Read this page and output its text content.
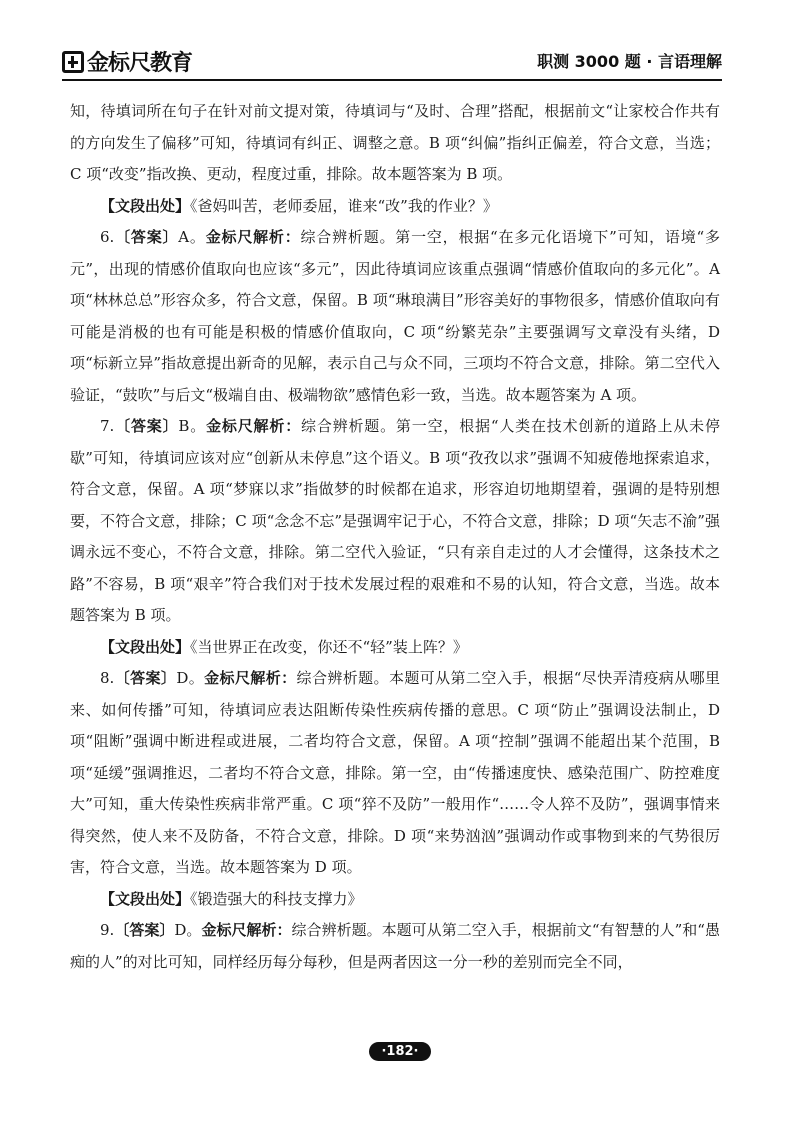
金标尺教育	职测 3000 题 · 言语理解

知，待填词所在句子在针对前文提对策，待填词与“及时、合理”搭配，根据前文“让家校合作共有的方向发生了偏移”可知，待填词有纠正、调整之意。B 项“纠偏”指纠正偏差，符合文意，当选；C 项“改变”指改换、更动，程度过重，排除。故本题答案为 B 项。

【文段出处】《爸妈叫苦，老师委屈，谁来“改”我的作业？》

6.〔答案〕A。金标尺解析：综合辨析题。第一空，根据“在多元化语境下”可知，语境“多元”，出现的情感价值取向也应该“多元”，因此待填词应该重点强调“情感价值取向的多元化”。A 项“林林总总”形容众多，符合文意，保留。B 项“琳琅满目”形容美好的事物很多，情感价值取向有可能是消极的也有可能是积极的情感价值取向，C 项“纷繁芜杂”主要强调写文章没有头绪，D 项“标新立异”指故意提出新奇的见解，表示自己与众不同，三项均不符合文意，排除。第二空代入验证，“鼓吹”与后文“极端自由、极端物欲”感情色彩一致，当选。故本题答案为 A 项。

7.〔答案〕B。金标尺解析：综合辨析题。第一空，根据“人类在技术创新的道路上从未停歇”可知，待填词应该对应“创新从未停息”这个语义。B 项“孜孜以求”强调不知疲倦地探索追求，符合文意，保留。A 项“梦寐以求”指做梦的时候都在追求，形容迫切地期望着，强调的是特别想要，不符合文意，排除；C 项“念念不忘”是强调牢记于心，不符合文意，排除；D 项“矢志不渝”强调永远不变心，不符合文意，排除。第二空代入验证，“只有亲自走过的人才会懂得，这条技术之路”不容易，B 项“艰辛”符合我们对于技术发展过程的艰难和不易的认知，符合文意，当选。故本题答案为 B 项。

【文段出处】《当世界正在改变，你还不“轻”装上阵？》

8.〔答案〕D。金标尺解析：综合辨析题。本题可从第二空入手，根据“尽快弄清疫病从哪里来、如何传播”可知，待填词应表达阻断传染性疾病传播的意思。C 项“防止”强调设法制止，D 项“阻断”强调中断进程或进展，二者均符合文意，保留。A 项“控制”强调不能超出某个范围，B 项“延缓”强调推迟，二者均不符合文意，排除。第一空，由“传播速度快、感染范围广、防控难度大”可知，重大传染性疾病非常严重。C 项“猝不及防”一般用作“……令人猝不及防”，强调事情来得突然，使人来不及防备，不符合文意，排除。D 项“来势汹汹”强调动作或事物到来的气势很厉害，符合文意，当选。故本题答案为 D 项。

【文段出处】《锻造强大的科技支撑力》

9.〔答案〕D。金标尺解析：综合辨析题。本题可从第二空入手，根据前文“有智慧的人”和“愚痴的人”的对比可知，同样经历每分每秒，但是两者因这一分一秒的差别而完全不同，

·182·
